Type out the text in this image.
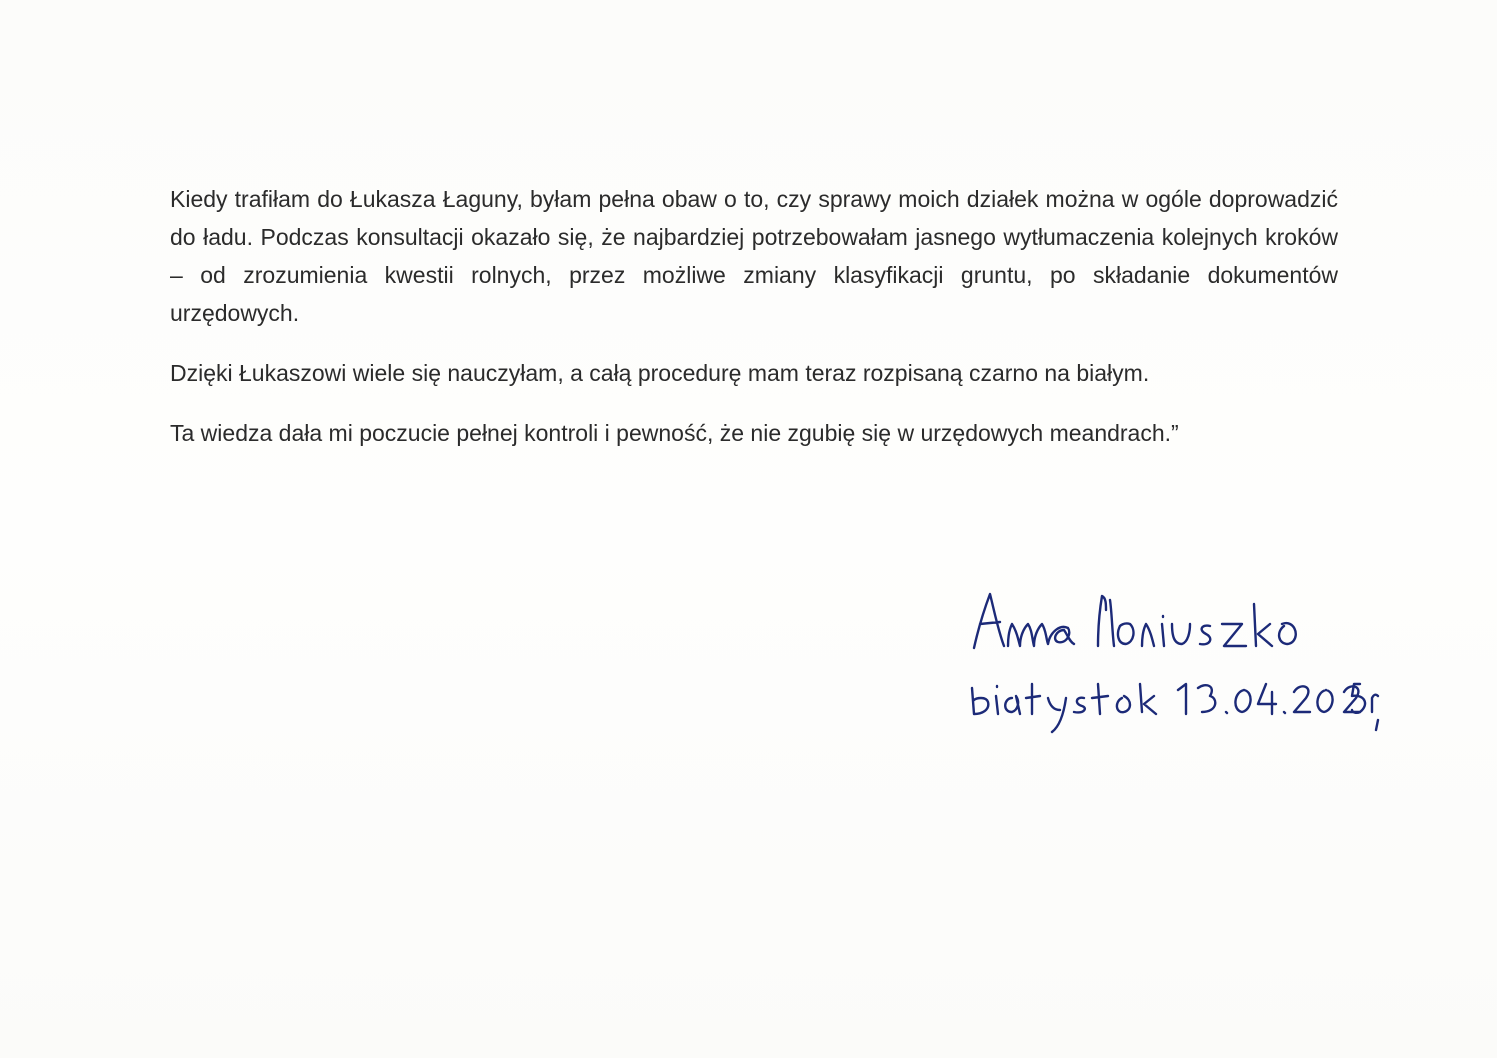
Kiedy trafiłam do Łukasza Łaguny, byłam pełna obaw o to, czy sprawy moich działek można w ogóle doprowadzić do ładu. Podczas konsultacji okazało się, że najbardziej potrzebowałam jasnego wytłumaczenia kolejnych kroków – od zrozumienia kwestii rolnych, przez możliwe zmiany klasyfikacji gruntu, po składanie dokumentów urzędowych.

Dzięki Łukaszowi wiele się nauczyłam, a całą procedurę mam teraz rozpisaną czarno na białym.

Ta wiedza dała mi poczucie pełnej kontroli i pewność, że nie zgubię się w urzędowych meandrach.”
